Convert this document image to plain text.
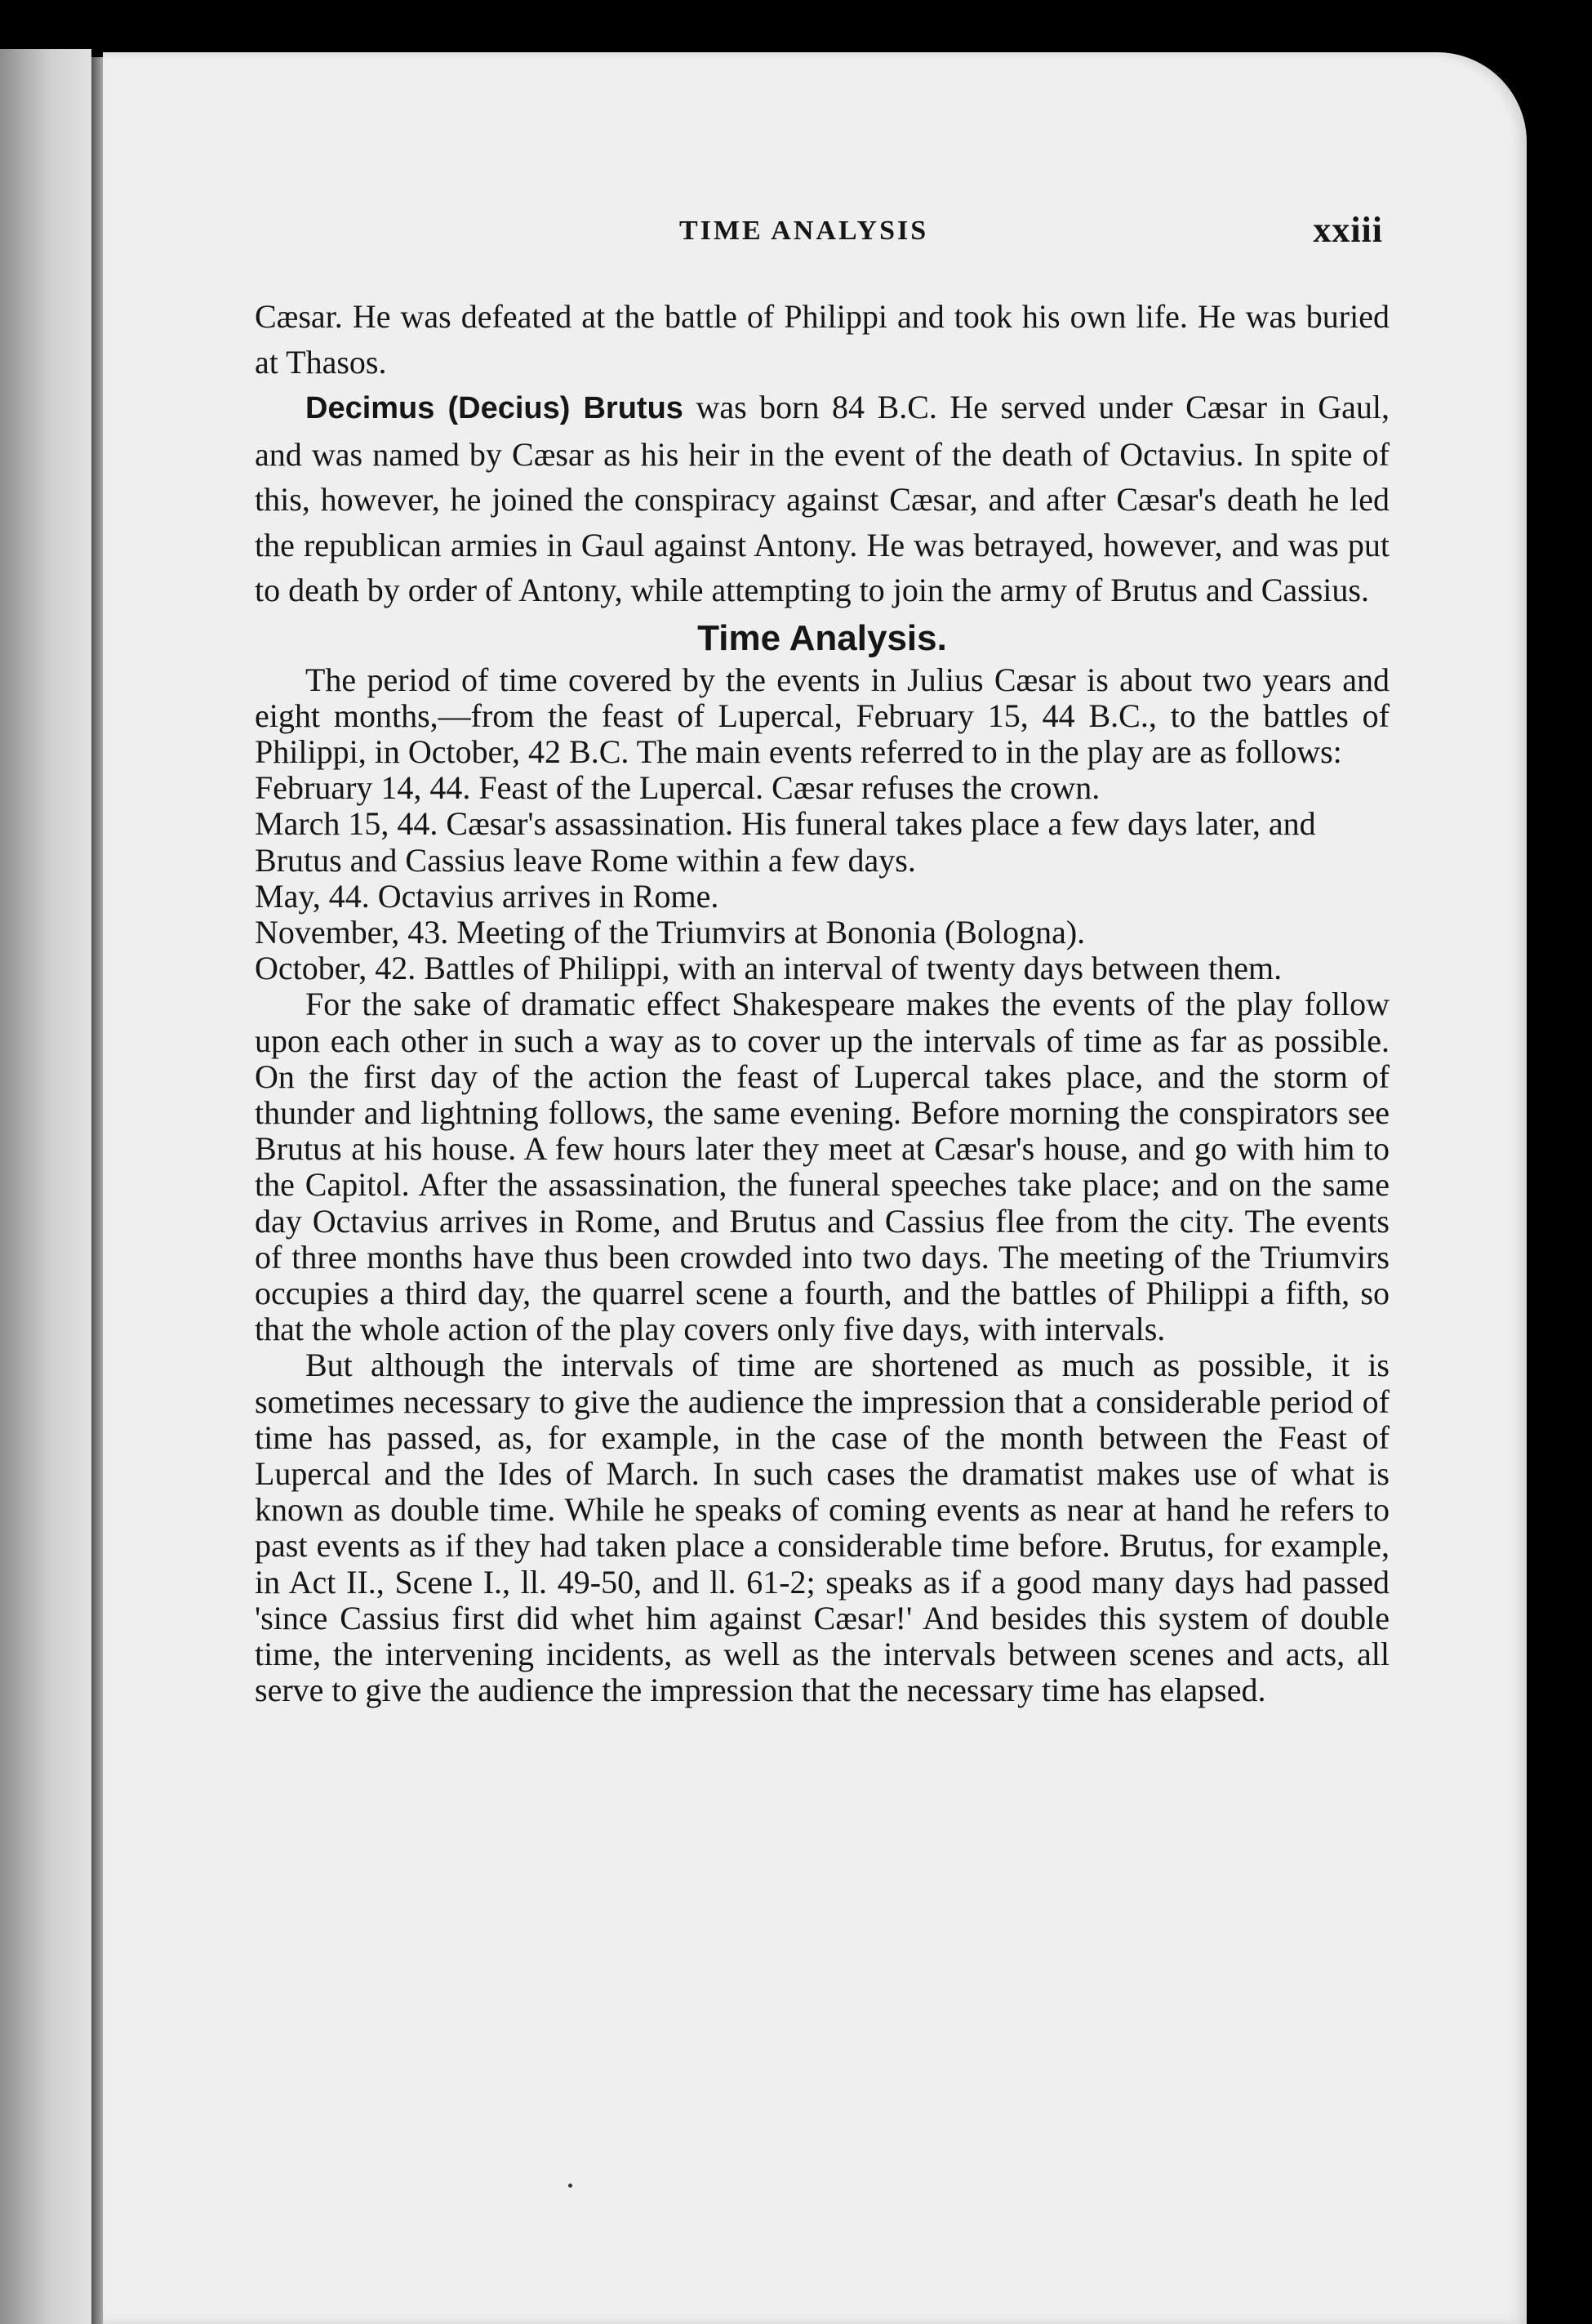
TIME ANALYSIS	xxiii

Cæsar. He was defeated at the battle of Philippi and took his own life. He was buried at Thasos.

Decimus (Decius) Brutus was born 84 B.C. He served under Cæsar in Gaul, and was named by Cæsar as his heir in the event of the death of Octavius. In spite of this, however, he joined the conspiracy against Cæsar, and after Cæsar's death he led the republican armies in Gaul against Antony. He was betrayed, however, and was put to death by order of Antony, while attempting to join the army of Brutus and Cassius.

Time Analysis.

The period of time covered by the events in Julius Cæsar is about two years and eight months,—from the feast of Lupercal, February 15, 44 B.C., to the battles of Philippi, in October, 42 B.C. The main events referred to in the play are as follows:

February 14, 44. Feast of the Lupercal. Cæsar refuses the crown.

March 15, 44. Cæsar's assassination. His funeral takes place a few days later, and Brutus and Cassius leave Rome within a few days.

May, 44. Octavius arrives in Rome.

November, 43. Meeting of the Triumvirs at Bononia (Bologna).

October, 42. Battles of Philippi, with an interval of twenty days between them.

For the sake of dramatic effect Shakespeare makes the events of the play follow upon each other in such a way as to cover up the intervals of time as far as possible. On the first day of the action the feast of Lupercal takes place, and the storm of thunder and lightning follows, the same evening. Before morning the conspirators see Brutus at his house. A few hours later they meet at Cæsar's house, and go with him to the Capitol. After the assassination, the funeral speeches take place; and on the same day Octavius arrives in Rome, and Brutus and Cassius flee from the city. The events of three months have thus been crowded into two days. The meeting of the Triumvirs occupies a third day, the quarrel scene a fourth, and the battles of Philippi a fifth, so that the whole action of the play covers only five days, with intervals.

But although the intervals of time are shortened as much as possible, it is sometimes necessary to give the audience the impression that a considerable period of time has passed, as, for example, in the case of the month between the Feast of Lupercal and the Ides of March. In such cases the dramatist makes use of what is known as double time. While he speaks of coming events as near at hand he refers to past events as if they had taken place a considerable time before. Brutus, for example, in Act II., Scene I., ll. 49-50, and ll. 61-2; speaks as if a good many days had passed 'since Cassius first did whet him against Cæsar!' And besides this system of double time, the intervening incidents, as well as the intervals between scenes and acts, all serve to give the audience the impression that the necessary time has elapsed.
